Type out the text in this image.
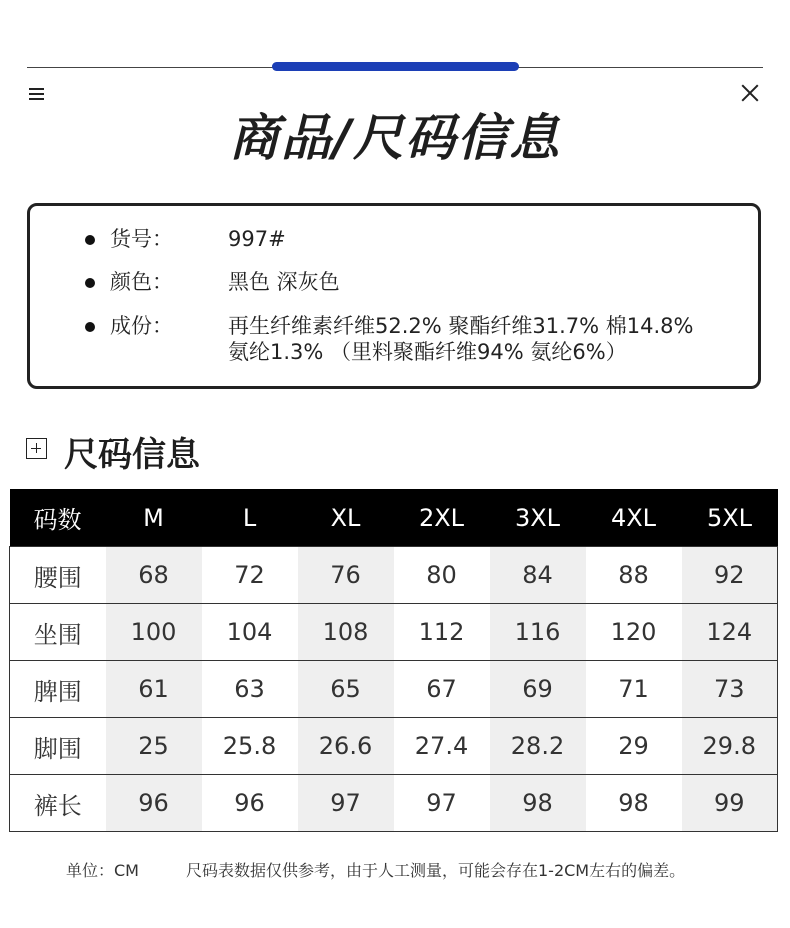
商品/尺码信息
货号：	997#
颜色：	黑色 深灰色
成份：	再生纤维素纤维52.2% 聚酯纤维31.7% 棉14.8%
氨纶1.3% （里料聚酯纤维94% 氨纶6%）
尺码信息
码数	M	L	XL	2XL	3XL	4XL	5XL
腰围	68	72	76	80	84	88	92
坐围	100	104	108	112	116	120	124
脾围	61	63	65	67	69	71	73
脚围	25	25.8	26.6	27.4	28.2	29	29.8
裤长	96	96	97	97	98	98	99
单位：CM	尺码表数据仅供参考，由于人工测量，可能会存在1-2CM左右的偏差。
